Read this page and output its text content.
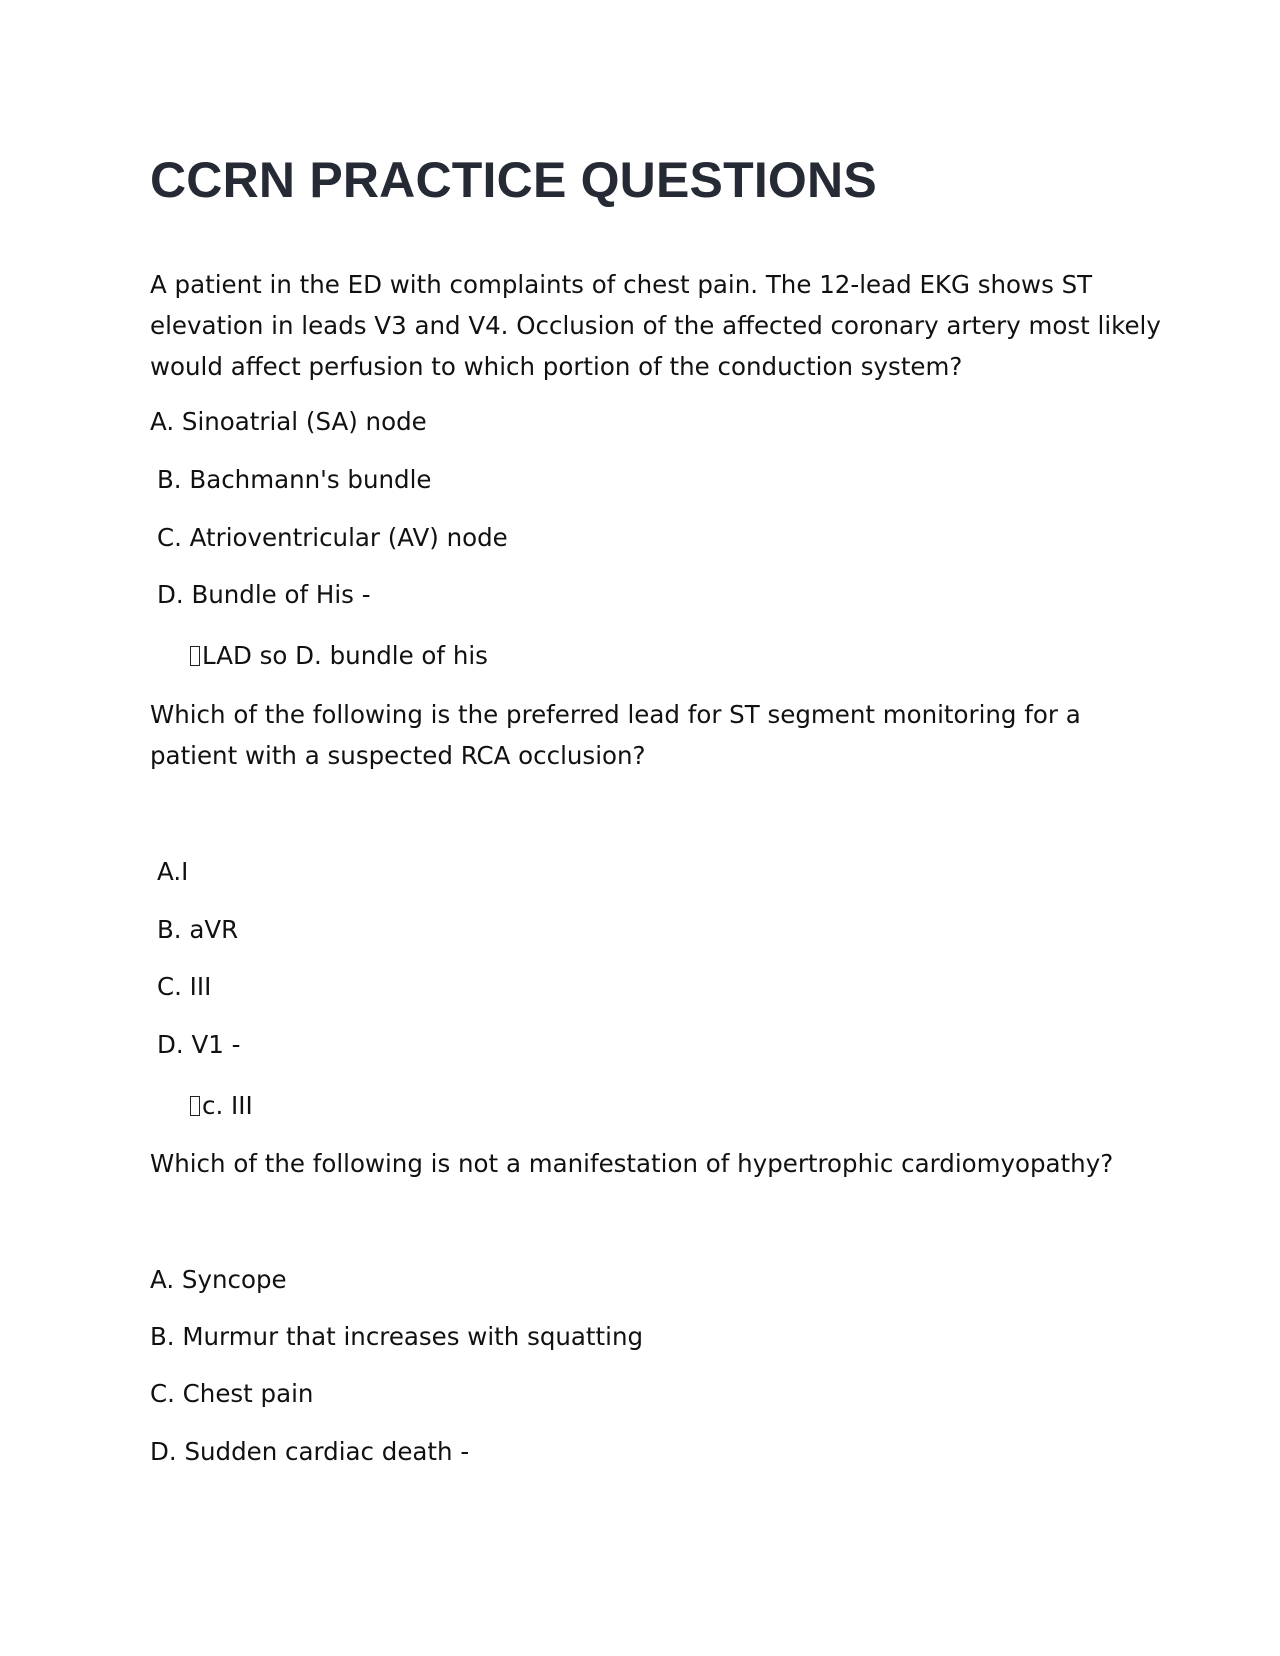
CCRN PRACTICE QUESTIONS
A patient in the ED with complaints of chest pain. The 12-lead EKG shows ST
elevation in leads V3 and V4. Occlusion of the affected coronary artery most likely
would affect perfusion to which portion of the conduction system?
A. Sinoatrial (SA) node
B. Bachmann's bundle
C. Atrioventricular (AV) node
D. Bundle of His -
LAD so D. bundle of his
Which of the following is the preferred lead for ST segment monitoring for a
patient with a suspected RCA occlusion?
A.I
B. aVR
C. III
D. V1 -
c. III
Which of the following is not a manifestation of hypertrophic cardiomyopathy?
A. Syncope
B. Murmur that increases with squatting
C. Chest pain
D. Sudden cardiac death -
